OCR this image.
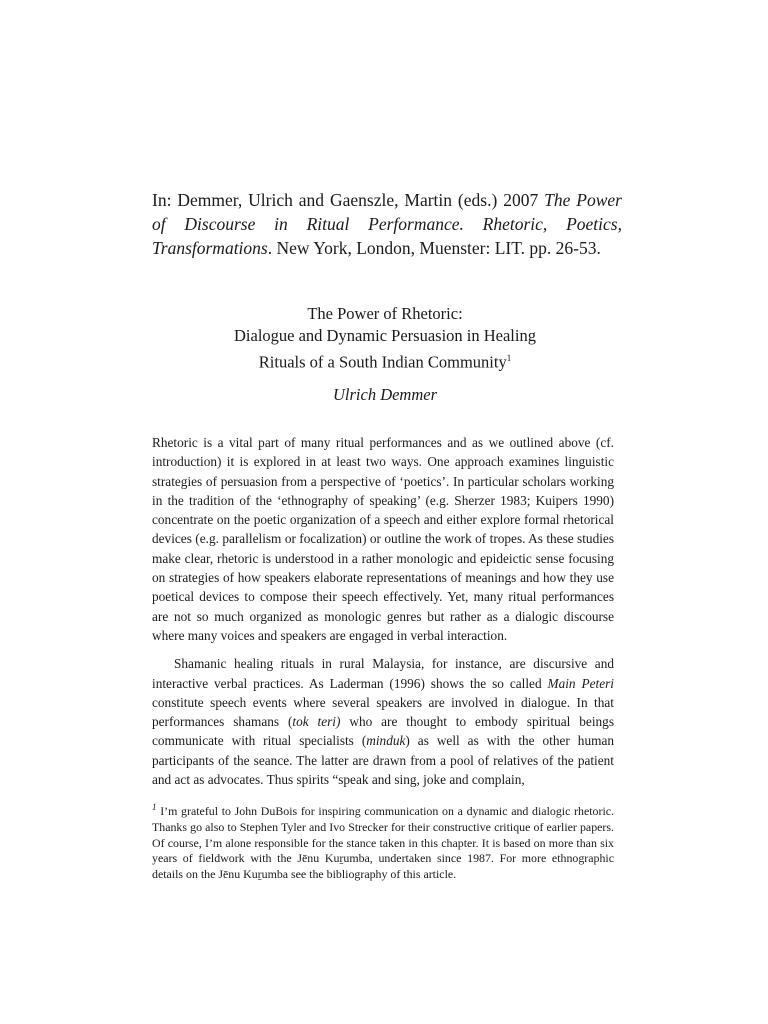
In: Demmer, Ulrich and Gaenszle, Martin (eds.) 2007 The Power of Discourse in Ritual Performance. Rhetoric, Poetics, Transformations. New York, London, Muenster: LIT. pp. 26-53.
The Power of Rhetoric:
Dialogue and Dynamic Persuasion in Healing
Rituals of a South Indian Community$^1$
Ulrich Demmer

Rhetoric is a vital part of many ritual performances and as we outlined above (cf. introduction) it is explored in at least two ways. One approach examines linguistic strategies of persuasion from a perspective of ‘poetics’. In particular scholars working in the tradition of the ‘ethnography of speaking’ (e.g. Sherzer 1983; Kuipers 1990) concentrate on the poetic organization of a speech and either explore formal rhetorical devices (e.g. parallelism or focalization) or outline the work of tropes. As these studies make clear, rhetoric is understood in a rather monologic and epideictic sense focusing on strategies of how speakers elaborate representations of meanings and how they use poetical devices to compose their speech effectively. Yet, many ritual performances are not so much organized as monologic genres but rather as a dialogic discourse where many voices and speakers are engaged in verbal interaction.

Shamanic healing rituals in rural Malaysia, for instance, are discursive and interactive verbal practices. As Laderman (1996) shows the so called Main Peteri constitute speech events where several speakers are involved in dialogue. In that performances shamans (tok teri) who are thought to embody spiritual beings communicate with ritual specialists (minduk) as well as with the other human participants of the seance. The latter are drawn from a pool of relatives of the patient and act as advocates. Thus spirits “speak and sing, joke and complain,

$^1$ I’m grateful to John DuBois for inspiring communication on a dynamic and dialogic rhetoric. Thanks go also to Stephen Tyler and Ivo Strecker for their constructive critique of earlier papers. Of course, I’m alone responsible for the stance taken in this chapter. It is based on more than six years of fieldwork with the Jēnu Kuṟumba, undertaken since 1987. For more ethnographic details on the Jēnu Kuṟumba see the bibliography of this article.
